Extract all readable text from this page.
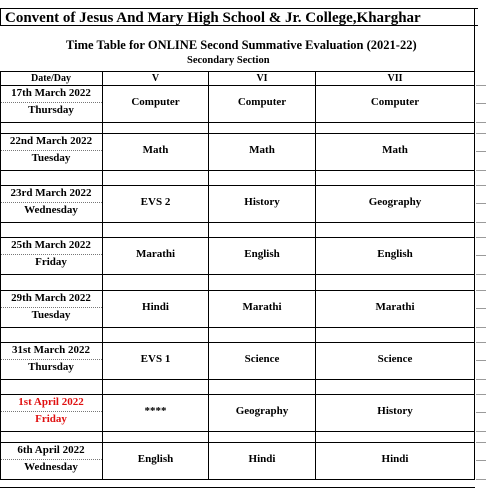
Convent of Jesus And Mary High School & Jr. College,Kharghar
Time Table for ONLINE Second Summative Evaluation (2021-22)
Secondary Section
Date/Day	V	VI	VII
17th March 2022
Thursday
Computer	Computer	Computer
22nd March 2022
Tuesday
Math	Math	Math
23rd March 2022
Wednesday
EVS 2	History	Geography
25th March 2022
Friday
Marathi	English	English
29th March 2022
Tuesday
Hindi	Marathi	Marathi
31st March 2022
Thursday
EVS 1	Science	Science
1st April 2022
Friday
****	Geography	History
6th April 2022
Wednesday
English	Hindi	Hindi
